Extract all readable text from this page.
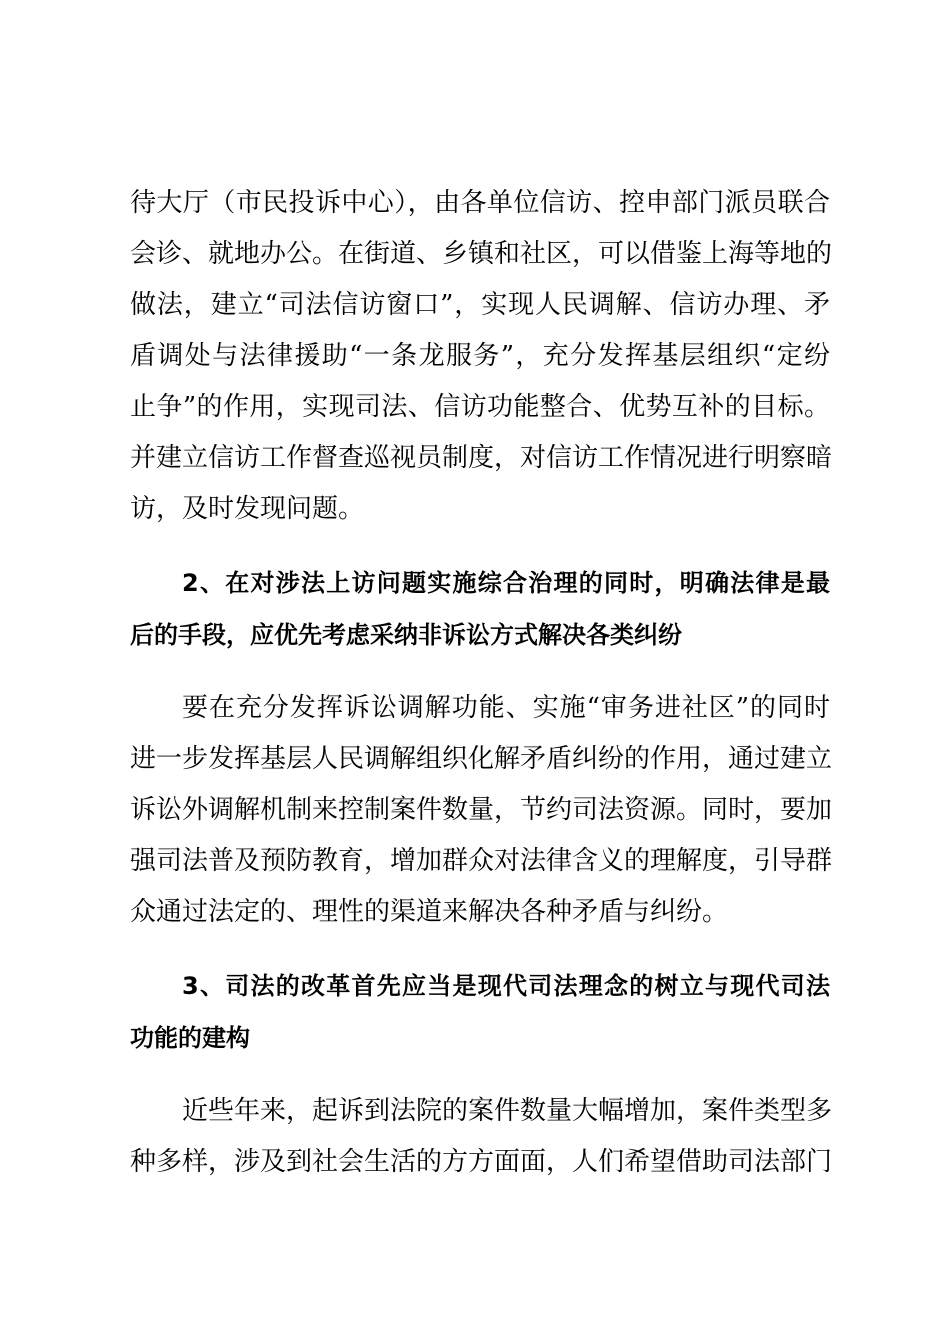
待大厅（市民投诉中心），由各单位信访、控申部门派员联合
会诊、就地办公。在街道、乡镇和社区，可以借鉴上海等地的
做法，建立“司法信访窗口”，实现人民调解、信访办理、矛
盾调处与法律援助“一条龙服务”，充分发挥基层组织“定纷
止争”的作用，实现司法、信访功能整合、优势互补的目标。
并建立信访工作督查巡视员制度，对信访工作情况进行明察暗
访，及时发现问题。
2、在对涉法上访问题实施综合治理的同时，明确法律是最
后的手段，应优先考虑采纳非诉讼方式解决各类纠纷
要在充分发挥诉讼调解功能、实施“审务进社区”的同时
进一步发挥基层人民调解组织化解矛盾纠纷的作用，通过建立
诉讼外调解机制来控制案件数量，节约司法资源。同时，要加
强司法普及预防教育，增加群众对法律含义的理解度，引导群
众通过法定的、理性的渠道来解决各种矛盾与纠纷。
3、司法的改革首先应当是现代司法理念的树立与现代司法
功能的建构
近些年来，起诉到法院的案件数量大幅增加，案件类型多
种多样，涉及到社会生活的方方面面，人们希望借助司法部门
